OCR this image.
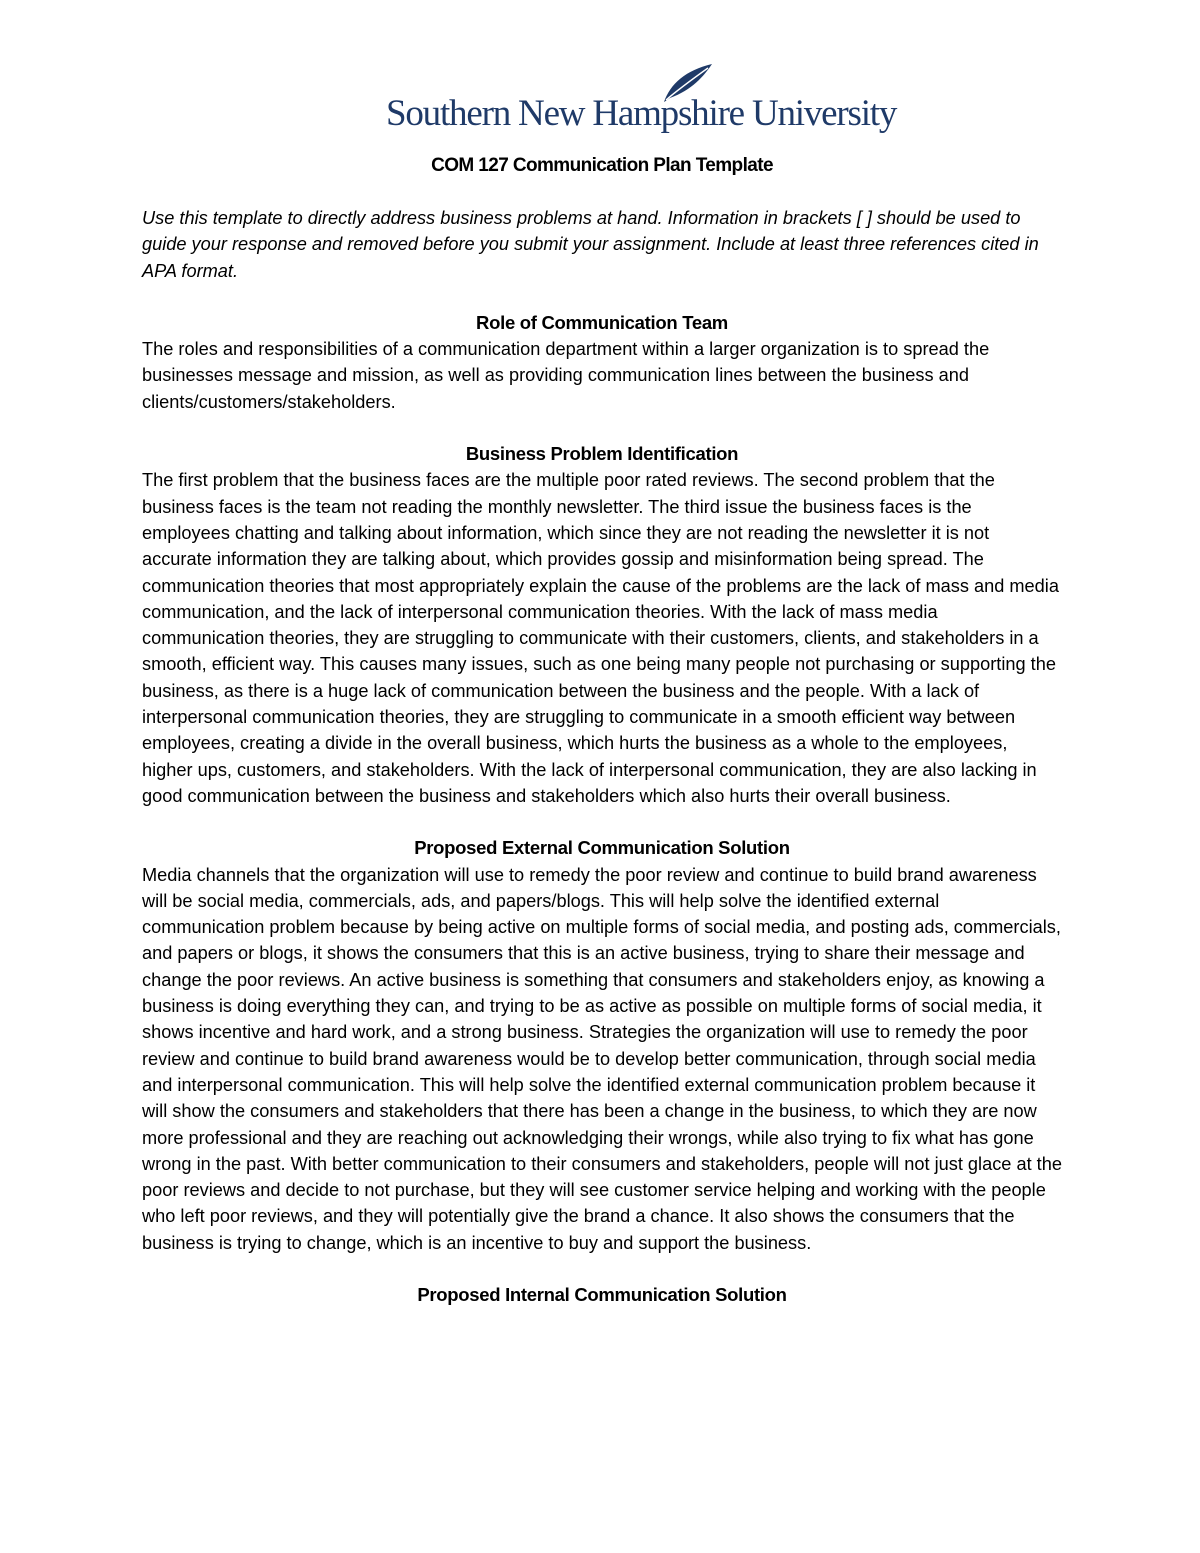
Southern New Hampshire University
COM 127 Communication Plan Template

Use this template to directly address business problems at hand. Information in brackets [ ] should be used to guide your response and removed before you submit your assignment. Include at least three references cited in APA format.

Role of Communication Team

The roles and responsibilities of a communication department within a larger organization is to spread the businesses message and mission, as well as providing communication lines between the business and clients/customers/stakeholders.

Business Problem Identification

The first problem that the business faces are the multiple poor rated reviews. The second problem that the business faces is the team not reading the monthly newsletter. The third issue the business faces is the employees chatting and talking about information, which since they are not reading the newsletter it is not accurate information they are talking about, which provides gossip and misinformation being spread. The communication theories that most appropriately explain the cause of the problems are the lack of mass and media communication, and the lack of interpersonal communication theories. With the lack of mass media communication theories, they are struggling to communicate with their customers, clients, and stakeholders in a smooth, efficient way. This causes many issues, such as one being many people not purchasing or supporting the business, as there is a huge lack of communication between the business and the people. With a lack of interpersonal communication theories, they are struggling to communicate in a smooth efficient way between employees, creating a divide in the overall business, which hurts the business as a whole to the employees, higher ups, customers, and stakeholders. With the lack of interpersonal communication, they are also lacking in good communication between the business and stakeholders which also hurts their overall business.

Proposed External Communication Solution

Media channels that the organization will use to remedy the poor review and continue to build brand awareness will be social media, commercials, ads, and papers/blogs. This will help solve the identified external communication problem because by being active on multiple forms of social media, and posting ads, commercials, and papers or blogs, it shows the consumers that this is an active business, trying to share their message and change the poor reviews. An active business is something that consumers and stakeholders enjoy, as knowing a business is doing everything they can, and trying to be as active as possible on multiple forms of social media, it shows incentive and hard work, and a strong business. Strategies the organization will use to remedy the poor review and continue to build brand awareness would be to develop better communication, through social media and interpersonal communication. This will help solve the identified external communication problem because it will show the consumers and stakeholders that there has been a change in the business, to which they are now more professional and they are reaching out acknowledging their wrongs, while also trying to fix what has gone wrong in the past. With better communication to their consumers and stakeholders, people will not just glace at the poor reviews and decide to not purchase, but they will see customer service helping and working with the people who left poor reviews, and they will potentially give the brand a chance. It also shows the consumers that the business is trying to change, which is an incentive to buy and support the business.

Proposed Internal Communication Solution
